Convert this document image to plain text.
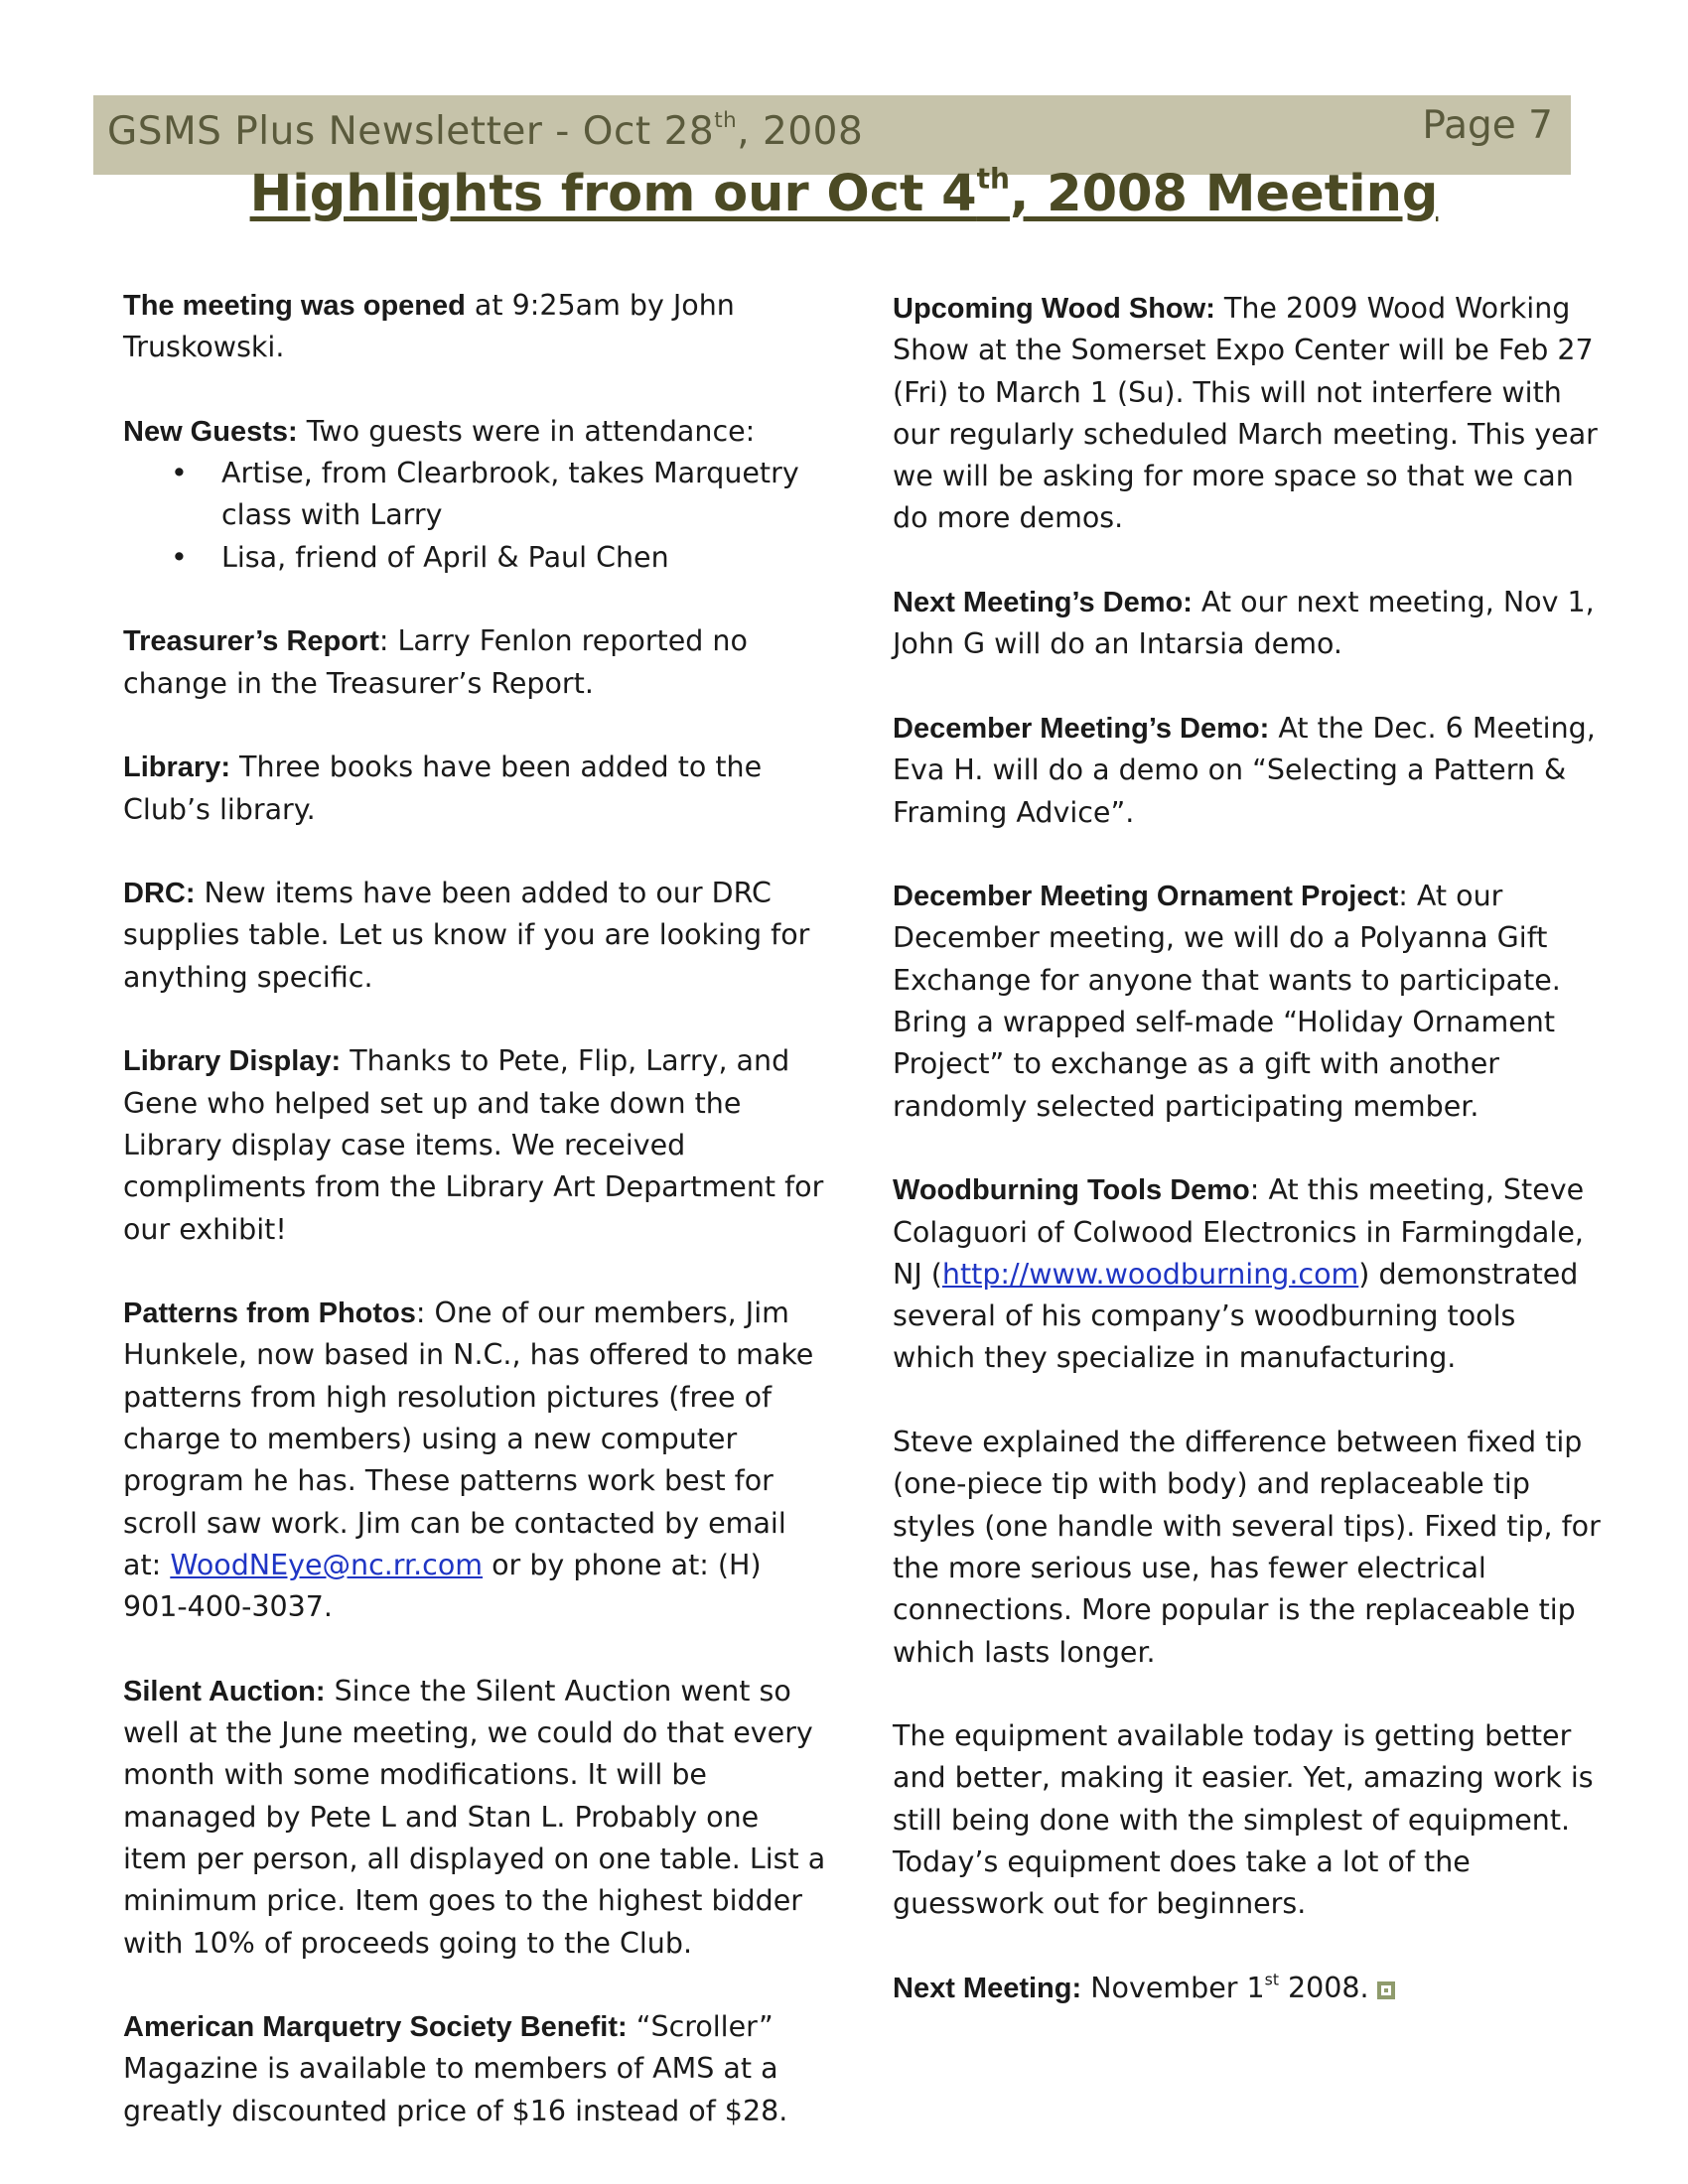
GSMS Plus Newsletter - Oct 28th, 2008	Page 7
Highlights from our Oct 4th, 2008 Meeting

The meeting was opened at 9:25am by John Truskowski.

New Guests: Two guests were in attendance:
• Artise, from Clearbrook, takes Marquetry class with Larry
• Lisa, friend of April & Paul Chen

Treasurer’s Report: Larry Fenlon reported no change in the Treasurer’s Report.

Library: Three books have been added to the Club’s library.

DRC: New items have been added to our DRC supplies table. Let us know if you are looking for anything specific.

Library Display: Thanks to Pete, Flip, Larry, and Gene who helped set up and take down the Library display case items. We received compliments from the Library Art Department for our exhibit!

Patterns from Photos: One of our members, Jim Hunkele, now based in N.C., has offered to make patterns from high resolution pictures (free of charge to members) using a new computer program he has. These patterns work best for scroll saw work. Jim can be contacted by email at: WoodNEye@nc.rr.com or by phone at: (H) 901-400-3037.

Silent Auction: Since the Silent Auction went so well at the June meeting, we could do that every month with some modifications. It will be managed by Pete L and Stan L. Probably one item per person, all displayed on one table. List a minimum price. Item goes to the highest bidder with 10% of proceeds going to the Club.

American Marquetry Society Benefit: “Scroller” Magazine is available to members of AMS at a greatly discounted price of $16 instead of $28.

Upcoming Wood Show: The 2009 Wood Working Show at the Somerset Expo Center will be Feb 27 (Fri) to March 1 (Su). This will not interfere with our regularly scheduled March meeting. This year we will be asking for more space so that we can do more demos.

Next Meeting’s Demo: At our next meeting, Nov 1, John G will do an Intarsia demo.

December Meeting’s Demo: At the Dec. 6 Meeting, Eva H. will do a demo on “Selecting a Pattern & Framing Advice”.

December Meeting Ornament Project: At our December meeting, we will do a Polyanna Gift Exchange for anyone that wants to participate. Bring a wrapped self-made “Holiday Ornament Project” to exchange as a gift with another randomly selected participating member.

Woodburning Tools Demo: At this meeting, Steve Colaguori of Colwood Electronics in Farmingdale, NJ (http://www.woodburning.com) demonstrated several of his company’s woodburning tools which they specialize in manufacturing.

Steve explained the difference between fixed tip (one-piece tip with body) and replaceable tip styles (one handle with several tips). Fixed tip, for the more serious use, has fewer electrical connections. More popular is the replaceable tip which lasts longer.

The equipment available today is getting better and better, making it easier. Yet, amazing work is still being done with the simplest of equipment. Today’s equipment does take a lot of the guesswork out for beginners.

Next Meeting: November 1st 2008.
